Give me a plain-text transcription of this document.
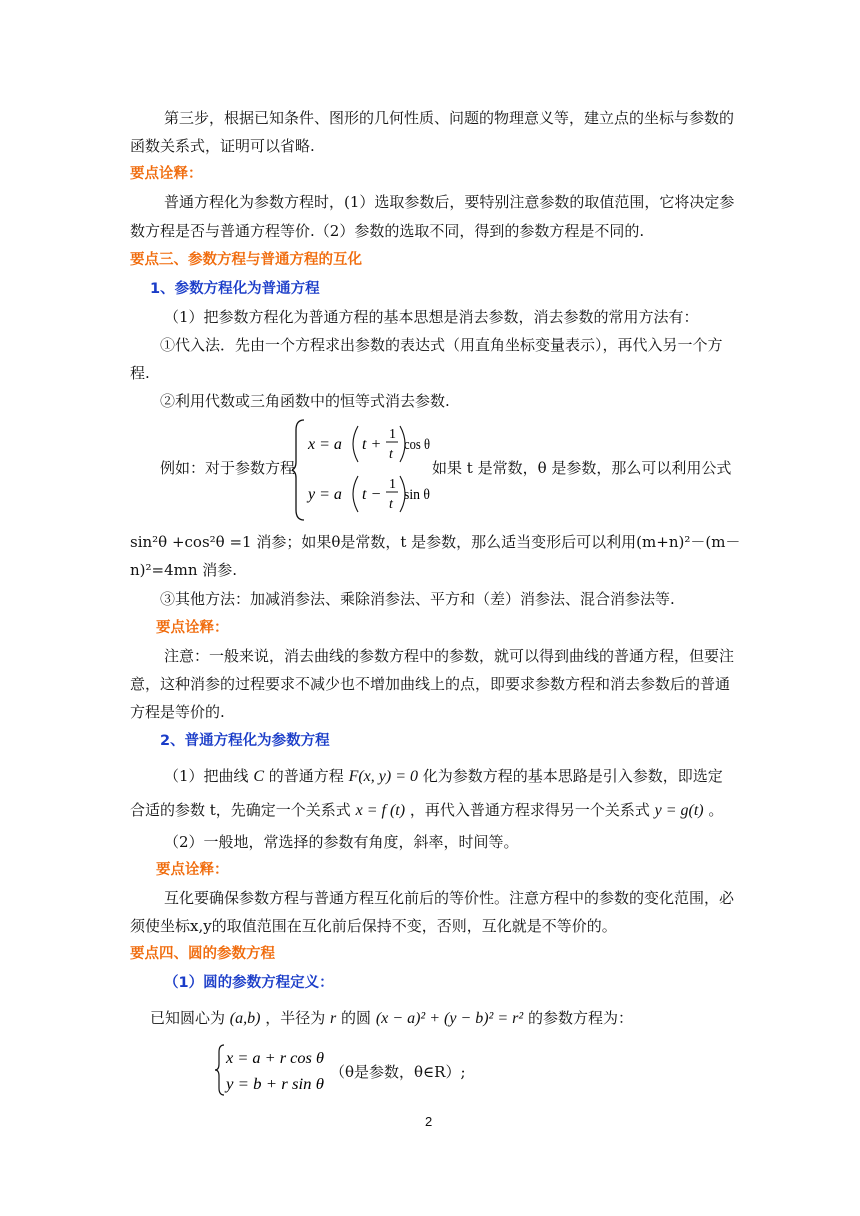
第三步，根据已知条件、图形的几何性质、问题的物理意义等，建立点的坐标与参数的
函数关系式，证明可以省略.
要点诠释：
普通方程化为参数方程时，(1）选取参数后，要特别注意参数的取值范围，它将决定参
数方程是否与普通方程等价.（2）参数的选取不同，得到的参数方程是不同的.
要点三、参数方程与普通方程的互化
1、参数方程化为普通方程
（1）把参数方程化为普通方程的基本思想是消去参数，消去参数的常用方法有：
①代入法．先由一个方程求出参数的表达式（用直角坐标变量表示），再代入另一个方
程.
②利用代数或三角函数中的恒等式消去参数.
例如：对于参数方程
x = a t +
1
t
cos θ
y = a t −
1
t
sin θ
如果 t 是常数，θ 是参数，那么可以利用公式
sin²θ +cos²θ =1 消参；如果θ是常数，t 是参数，那么适当变形后可以利用(m+n)²－(m－
n)²=4mn 消参.
③其他方法：加减消参法、乘除消参法、平方和（差）消参法、混合消参法等.
要点诠释：
注意：一般来说，消去曲线的参数方程中的参数，就可以得到曲线的普通方程，但要注
意，这种消参的过程要求不减少也不增加曲线上的点，即要求参数方程和消去参数后的普通
方程是等价的.
2、普通方程化为参数方程
（1）把曲线 C 的普通方程 F(x, y) = 0 化为参数方程的基本思路是引入参数，即选定
合适的参数 t，先确定一个关系式 x = f (t) ，再代入普通方程求得另一个关系式 y = g(t) 。
（2）一般地，常选择的参数有角度，斜率，时间等。
要点诠释：
互化要确保参数方程与普通方程互化前后的等价性。注意方程中的参数的变化范围，必
须使坐标x,y的取值范围在互化前后保持不变，否则，互化就是不等价的。
要点四、圆的参数方程
（1）圆的参数方程定义：
已知圆心为 (a,b) ，半径为 r 的圆 (x − a)² + (y − b)² = r² 的参数方程为：
x = a + r cos θ
y = b + r sin θ
（θ是参数，θ∈R）;
2
